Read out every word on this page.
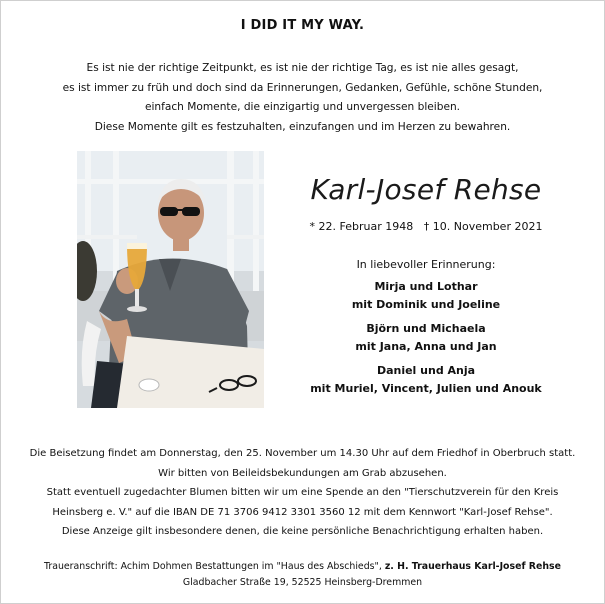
I DID IT MY WAY.
Es ist nie der richtige Zeitpunkt, es ist nie der richtige Tag, es ist nie alles gesagt,
es ist immer zu früh und doch sind da Erinnerungen, Gedanken, Gefühle, schöne Stunden,
einfach Momente, die einzigartig und unvergessen bleiben.
Diese Momente gilt es festzuhalten, einzufangen und im Herzen zu bewahren.
Karl-Josef Rehse
* 22. Februar 1948 † 10. November 2021
In liebevoller Erinnerung:
Mirja und Lothar
mit Dominik und Joeline
Björn und Michaela
mit Jana, Anna und Jan
Daniel und Anja
mit Muriel, Vincent, Julien und Anouk
Die Beisetzung findet am Donnerstag, den 25. November um 14.30 Uhr auf dem Friedhof in Oberbruch statt.
Wir bitten von Beileidsbekundungen am Grab abzusehen.
Statt eventuell zugedachter Blumen bitten wir um eine Spende an den "Tierschutzverein für den Kreis
Heinsberg e. V." auf die IBAN DE 71 3706 9412 3301 3560 12 mit dem Kennwort "Karl-Josef Rehse".
Diese Anzeige gilt insbesondere denen, die keine persönliche Benachrichtigung erhalten haben.
Traueranschrift: Achim Dohmen Bestattungen im "Haus des Abschieds", z. H. Trauerhaus Karl-Josef Rehse
Gladbacher Straße 19, 52525 Heinsberg-Dremmen
